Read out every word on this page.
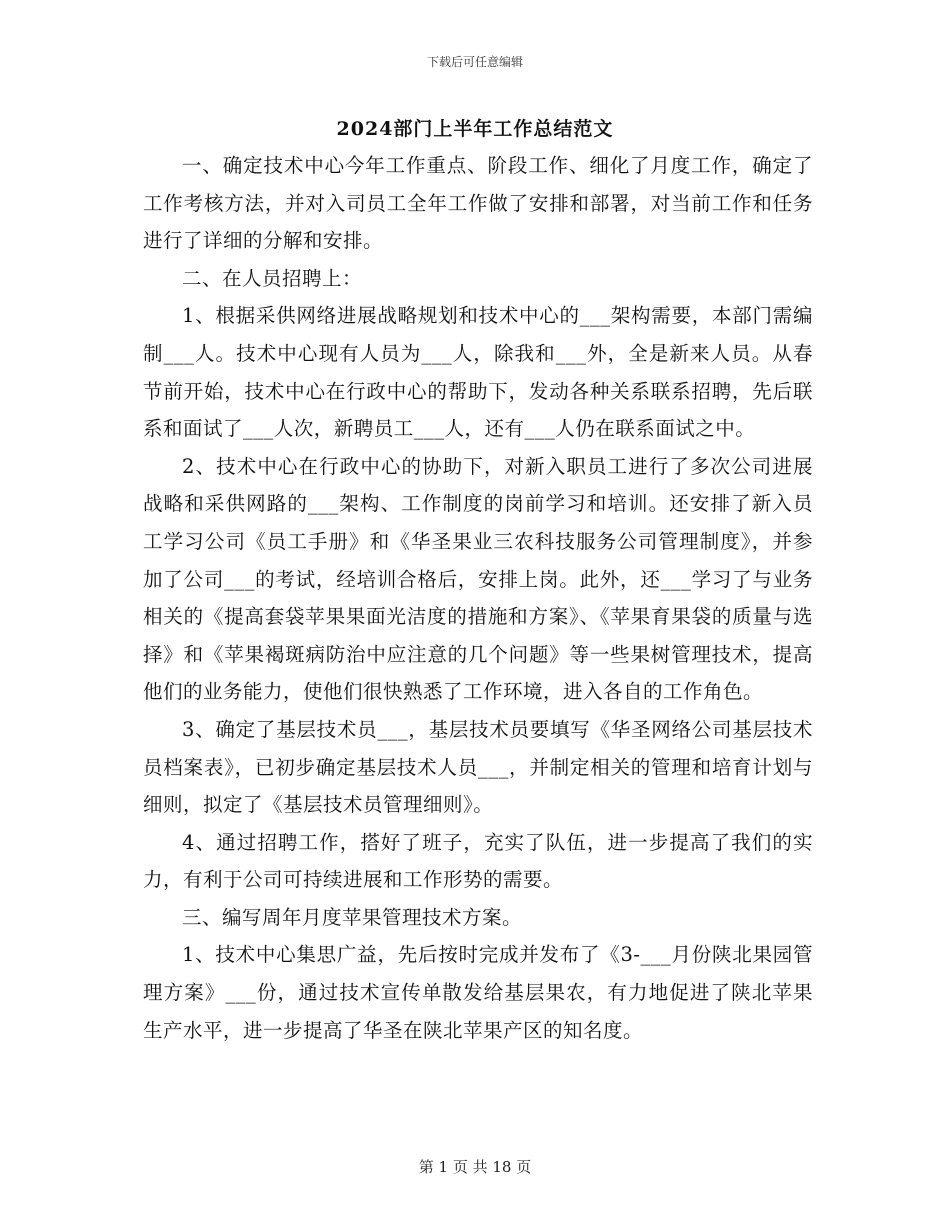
下载后可任意编辑
2024部门上半年工作总结范文

一、确定技术中心今年工作重点、阶段工作、细化了月度工作，确定了工作考核方法，并对入司员工全年工作做了安排和部署，对当前工作和任务进行了详细的分解和安排。

二、在人员招聘上：

1、根据采供网络进展战略规划和技术中心的___架构需要，本部门需编制___人。技术中心现有人员为___人，除我和___外，全是新来人员。从春节前开始，技术中心在行政中心的帮助下，发动各种关系联系招聘，先后联系和面试了___人次，新聘员工___人，还有___人仍在联系面试之中。

2、技术中心在行政中心的协助下，对新入职员工进行了多次公司进展战略和采供网路的___架构、工作制度的岗前学习和培训。还安排了新入员工学习公司《员工手册》和《华圣果业三农科技服务公司管理制度》，并参加了公司___的考试，经培训合格后，安排上岗。此外，还___学习了与业务相关的《提高套袋苹果果面光洁度的措施和方案》、《苹果育果袋的质量与选择》和《苹果褐斑病防治中应注意的几个问题》等一些果树管理技术，提高他们的业务能力，使他们很快熟悉了工作环境，进入各自的工作角色。

3、确定了基层技术员___，基层技术员要填写《华圣网络公司基层技术员档案表》，已初步确定基层技术人员___，并制定相关的管理和培育计划与细则，拟定了《基层技术员管理细则》。

4、通过招聘工作，搭好了班子，充实了队伍，进一步提高了我们的实力，有利于公司可持续进展和工作形势的需要。

三、编写周年月度苹果管理技术方案。

1、技术中心集思广益，先后按时完成并发布了《3-___月份陕北果园管理方案》___份，通过技术宣传单散发给基层果农，有力地促进了陕北苹果生产水平，进一步提高了华圣在陕北苹果产区的知名度。

第 1 页 共 18 页
